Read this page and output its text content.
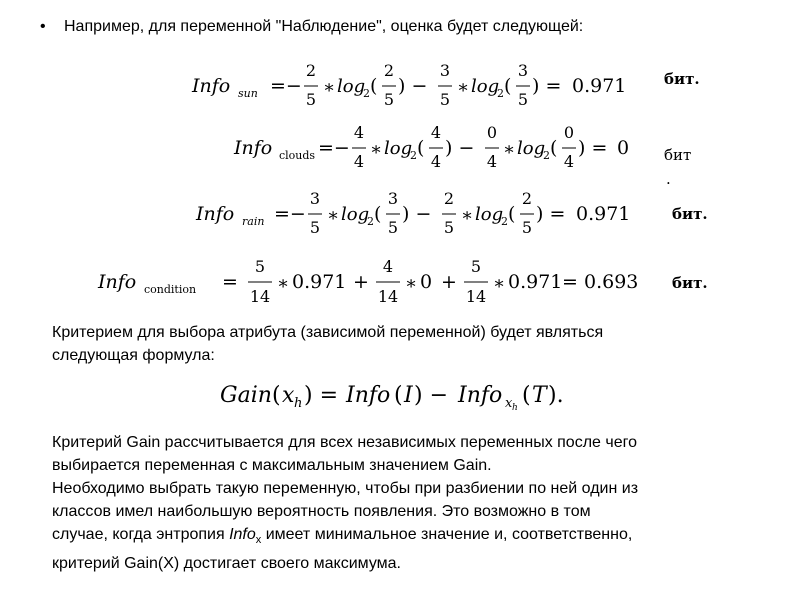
• Например, для переменной "Наблюдение", оценка будет следующей:
Info sun =−
2
5
∗ log
2 (
2
5
) −
3
5
∗ log
2 (
3
5
) = 0.971	бит.
Info clouds =−
4
4
∗ log
2 (
4
4
) −
0
4
∗ log
2 (
0
4
) = 0 бит
.
Info rain =−
3
5
∗ log
2 (
3
5
) −
2
5
∗ log
2 (
2
5
) = 0.971	бит.
Info condition =
5
14
∗ 0.971 +
4
14
∗ 0 +
5
14
∗ 0.971 = 0.693 бит.
Критерием для выбора атрибута (зависимой переменной) будет являться
следующая формула:
Gain ( x h ) = Info ( I ) − Info x h ( T ).
Критерий Gain рассчитывается для всех независимых переменных после чего
выбирается переменная с максимальным значением Gain.
Необходимо выбрать такую переменную, чтобы при разбиении по ней один из
классов имел наибольшую вероятность появления. Это возможно в том
случае, когда энтропия Info$_x$ имеет минимальное значение и, соответственно,
критерий Gain(X) достигает своего максимума.
